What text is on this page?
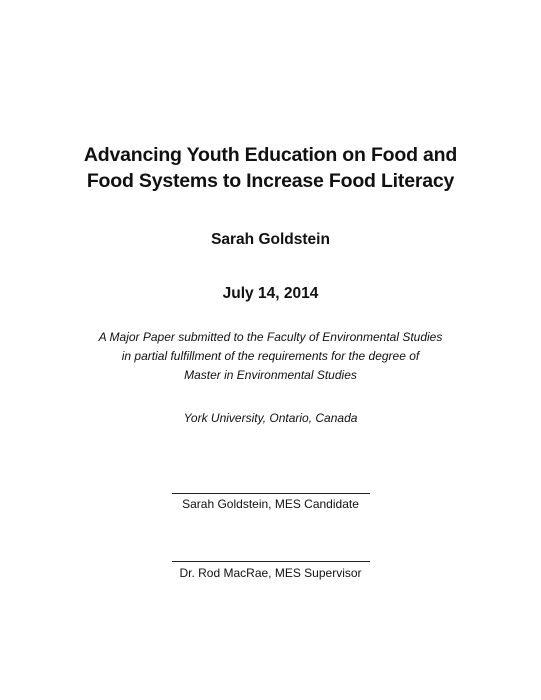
Advancing Youth Education on Food and
Food Systems to Increase Food Literacy
Sarah Goldstein
July 14, 2014
A Major Paper submitted to the Faculty of Environmental Studies
in partial fulfillment of the requirements for the degree of
Master in Environmental Studies
York University, Ontario, Canada
Sarah Goldstein, MES Candidate
Dr. Rod MacRae, MES Supervisor
